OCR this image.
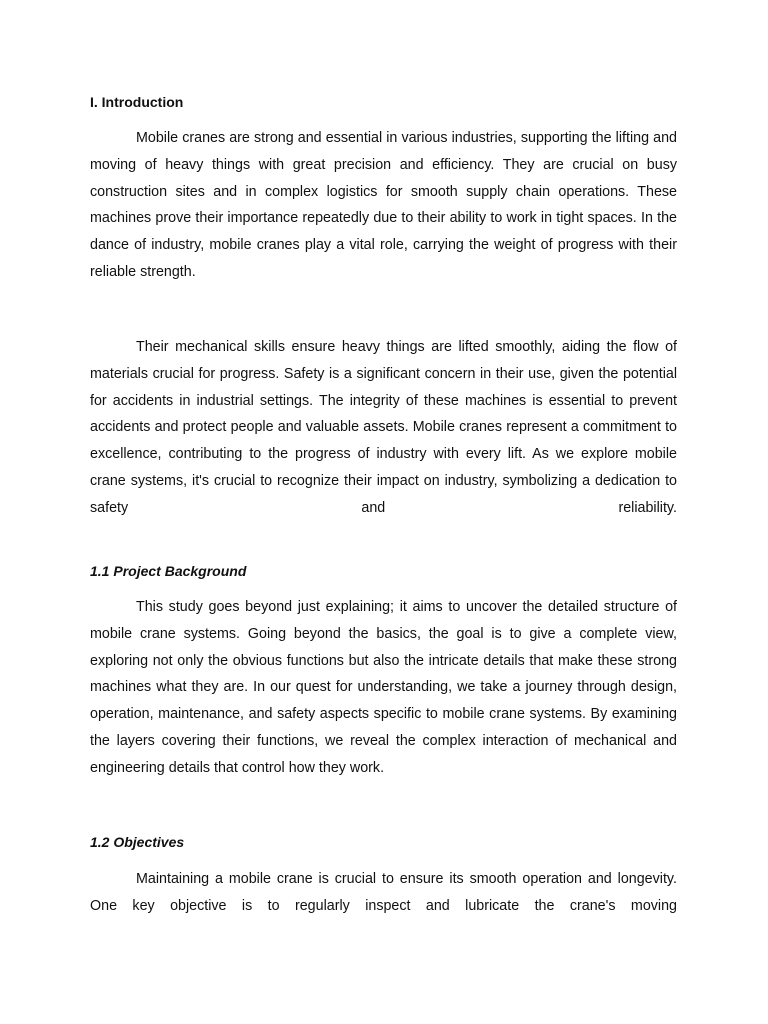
I. Introduction

Mobile cranes are strong and essential in various industries, supporting the lifting and moving of heavy things with great precision and efficiency. They are crucial on busy construction sites and in complex logistics for smooth supply chain operations. These machines prove their importance repeatedly due to their ability to work in tight spaces. In the dance of industry, mobile cranes play a vital role, carrying the weight of progress with their reliable strength.

Their mechanical skills ensure heavy things are lifted smoothly, aiding the flow of materials crucial for progress. Safety is a significant concern in their use, given the potential for accidents in industrial settings. The integrity of these machines is essential to prevent accidents and protect people and valuable assets. Mobile cranes represent a commitment to excellence, contributing to the progress of industry with every lift. As we explore mobile crane systems, it's crucial to recognize their impact on industry, symbolizing a dedication to safety and reliability.

1.1 Project Background

This study goes beyond just explaining; it aims to uncover the detailed structure of mobile crane systems. Going beyond the basics, the goal is to give a complete view, exploring not only the obvious functions but also the intricate details that make these strong machines what they are. In our quest for understanding, we take a journey through design, operation, maintenance, and safety aspects specific to mobile crane systems. By examining the layers covering their functions, we reveal the complex interaction of mechanical and engineering details that control how they work.

1.2 Objectives

Maintaining a mobile crane is crucial to ensure its smooth operation and longevity. One key objective is to regularly inspect and lubricate the crane's moving
